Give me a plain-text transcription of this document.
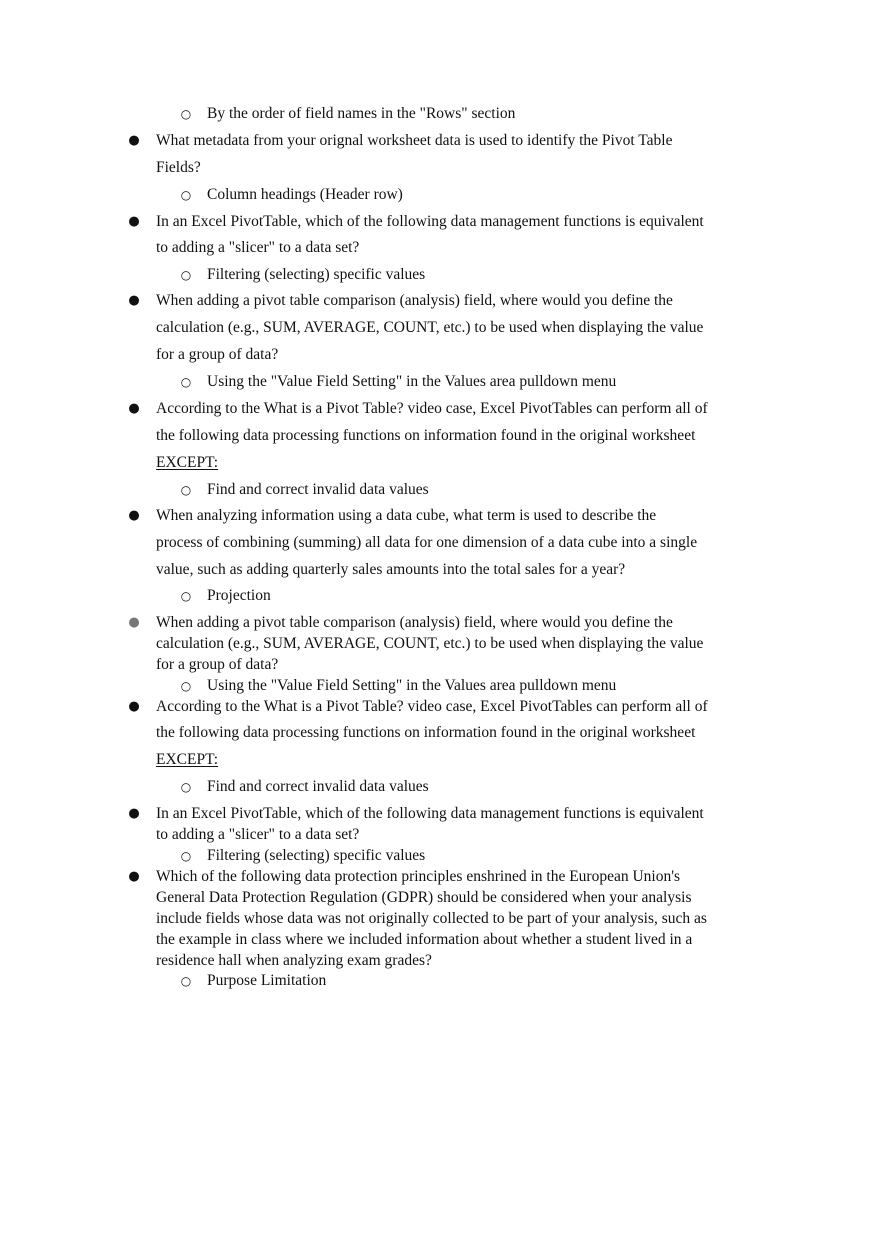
○ By the order of field names in the "Rows" section
● What metadata from your orignal worksheet data is used to identify the Pivot Table
Fields?
○ Column headings (Header row)
● In an Excel PivotTable, which of the following data management functions is equivalent
to adding a "slicer" to a data set?
○ Filtering (selecting) specific values
● When adding a pivot table comparison (analysis) field, where would you define the
calculation (e.g., SUM, AVERAGE, COUNT, etc.) to be used when displaying the value
for a group of data?
○ Using the "Value Field Setting" in the Values area pulldown menu
● According to the What is a Pivot Table? video case, Excel PivotTables can perform all of
the following data processing functions on information found in the original worksheet
EXCEPT:
○ Find and correct invalid data values
● When analyzing information using a data cube, what term is used to describe the
process of combining (summing) all data for one dimension of a data cube into a single
value, such as adding quarterly sales amounts into the total sales for a year?
○ Projection
● When adding a pivot table comparison (analysis) field, where would you define the
calculation (e.g., SUM, AVERAGE, COUNT, etc.) to be used when displaying the value
for a group of data?
○ Using the "Value Field Setting" in the Values area pulldown menu
● According to the What is a Pivot Table? video case, Excel PivotTables can perform all of
the following data processing functions on information found in the original worksheet
EXCEPT:
○ Find and correct invalid data values
● In an Excel PivotTable, which of the following data management functions is equivalent
to adding a "slicer" to a data set?
○ Filtering (selecting) specific values
● Which of the following data protection principles enshrined in the European Union's
General Data Protection Regulation (GDPR) should be considered when your analysis
include fields whose data was not originally collected to be part of your analysis, such as
the example in class where we included information about whether a student lived in a
residence hall when analyzing exam grades?
○ Purpose Limitation
